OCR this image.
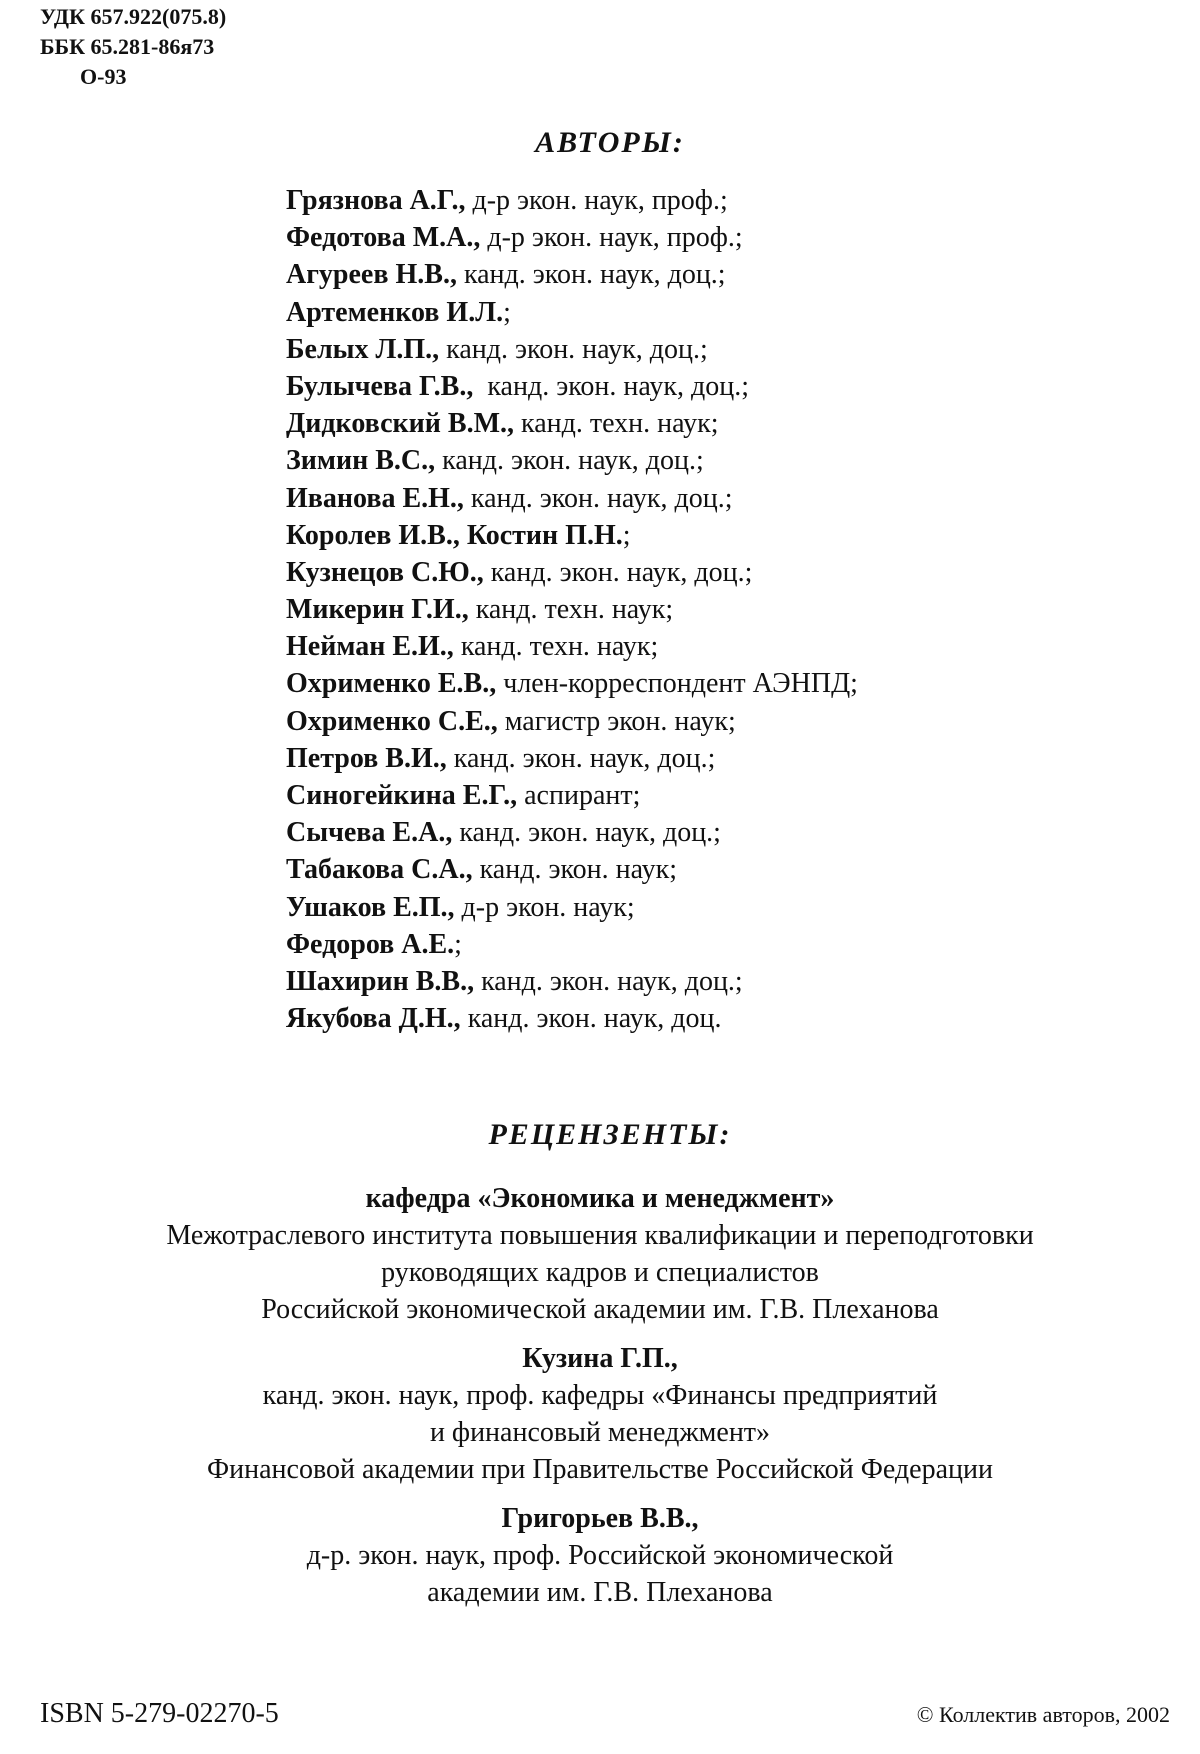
УДК 657.922(075.8)
ББК 65.281-86я73
О-93
АВТОРЫ:
Грязнова А.Г., д-р экон. наук, проф.;
Федотова М.А., д-р экон. наук, проф.;
Агуреев Н.В., канд. экон. наук, доц.;
Артеменков И.Л.;
Белых Л.П., канд. экон. наук, доц.;
Булычева Г.В.,  канд. экон. наук, доц.;
Дидковский В.М., канд. техн. наук;
Зимин В.С., канд. экон. наук, доц.;
Иванова Е.Н., канд. экон. наук, доц.;
Королев И.В., Костин П.Н.;
Кузнецов С.Ю., канд. экон. наук, доц.;
Микерин Г.И., канд. техн. наук;
Нейман Е.И., канд. техн. наук;
Охрименко Е.В., член-корреспондент АЭНПД;
Охрименко С.Е., магистр экон. наук;
Петров В.И., канд. экон. наук, доц.;
Синогейкина Е.Г., аспирант;
Сычева Е.А., канд. экон. наук, доц.;
Табакова С.А., канд. экон. наук;
Ушаков Е.П., д-р экон. наук;
Федоров А.Е.;
Шахирин В.В., канд. экон. наук, доц.;
Якубова Д.Н., канд. экон. наук, доц.
РЕЦЕНЗЕНТЫ:
кафедра «Экономика и менеджмент»
Межотраслевого института повышения квалификации и переподготовки
руководящих кадров и специалистов
Российской экономической академии им. Г.В. Плеханова
Кузина Г.П.,
канд. экон. наук, проф. кафедры «Финансы предприятий
и финансовый менеджмент»
Финансовой академии при Правительстве Российской Федерации
Григорьев В.В.,
д-р. экон. наук, проф. Российской экономической
академии им. Г.В. Плеханова
ISBN 5-279-02270-5	© Коллектив авторов, 2002
